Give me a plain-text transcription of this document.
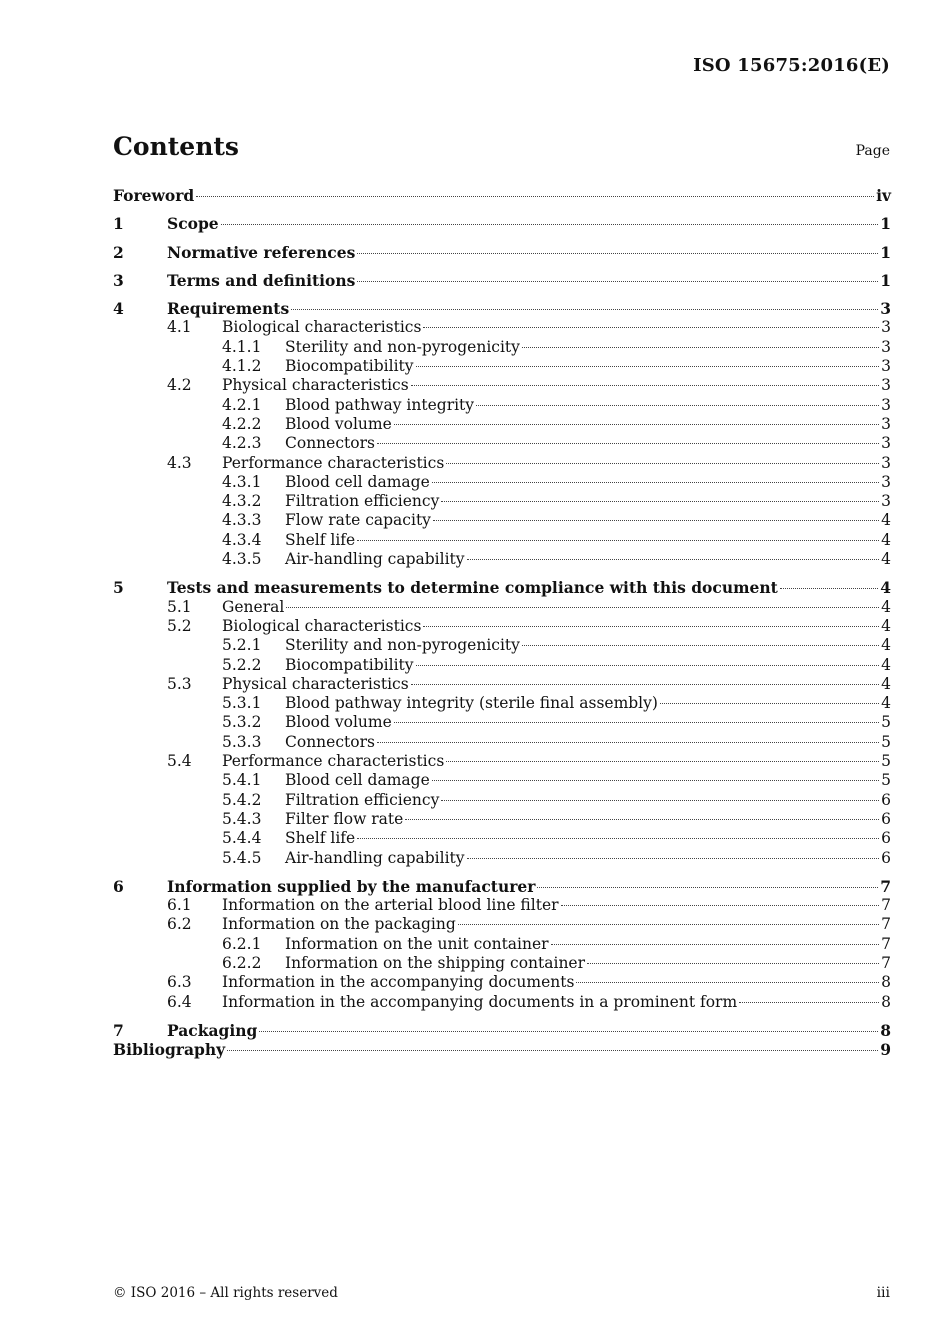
ISO 15675:2016(E)
Contents	Page
Foreword	iv
1	Scope	1
2	Normative references	1
3	Terms and definitions	1
4	Requirements	3
4.1	Biological characteristics	3
4.1.1	Sterility and non-pyrogenicity	3
4.1.2	Biocompatibility	3
4.2	Physical characteristics	3
4.2.1	Blood pathway integrity	3
4.2.2	Blood volume	3
4.2.3	Connectors	3
4.3	Performance characteristics	3
4.3.1	Blood cell damage	3
4.3.2	Filtration efficiency	3
4.3.3	Flow rate capacity	4
4.3.4	Shelf life	4
4.3.5	Air-handling capability	4
5	Tests and measurements to determine compliance with this document	4
5.1	General	4
5.2	Biological characteristics	4
5.2.1	Sterility and non-pyrogenicity	4
5.2.2	Biocompatibility	4
5.3	Physical characteristics	4
5.3.1	Blood pathway integrity (sterile final assembly)	4
5.3.2	Blood volume	5
5.3.3	Connectors	5
5.4	Performance characteristics	5
5.4.1	Blood cell damage	5
5.4.2	Filtration efficiency	6
5.4.3	Filter flow rate	6
5.4.4	Shelf life	6
5.4.5	Air-handling capability	6
6	Information supplied by the manufacturer	7
6.1	Information on the arterial blood line filter	7
6.2	Information on the packaging	7
6.2.1	Information on the unit container	7
6.2.2	Information on the shipping container	7
6.3	Information in the accompanying documents	8
6.4	Information in the accompanying documents in a prominent form	8
7	Packaging	8
Bibliography	9
© ISO 2016 – All rights reserved	iii
